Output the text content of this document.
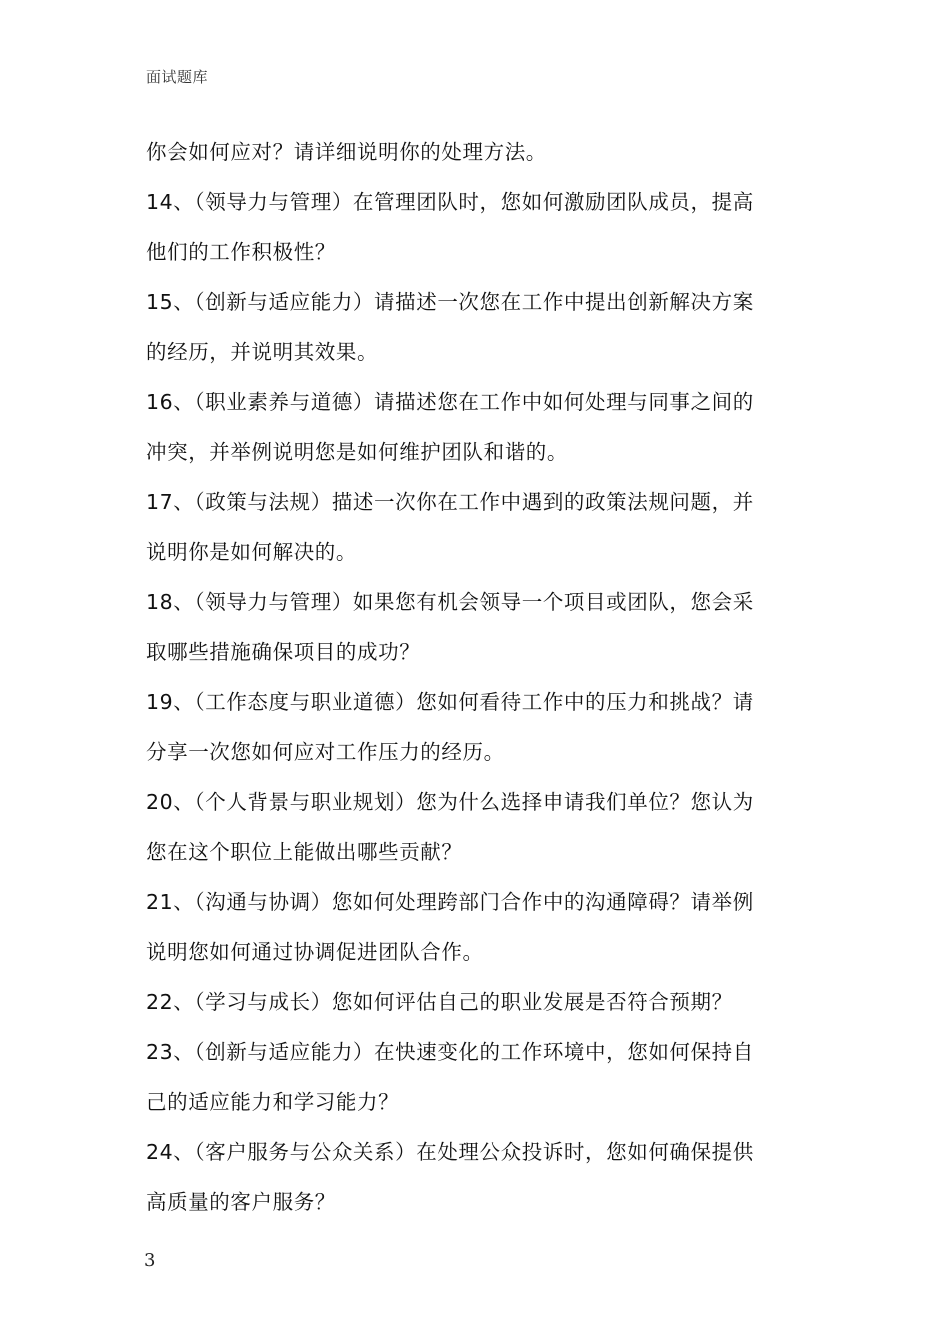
面试题库
你会如何应对？请详细说明你的处理方法。
14、（领导力与管理）在管理团队时，您如何激励团队成员，提高
他们的工作积极性？
15、（创新与适应能力）请描述一次您在工作中提出创新解决方案
的经历，并说明其效果。
16、（职业素养与道德）请描述您在工作中如何处理与同事之间的
冲突，并举例说明您是如何维护团队和谐的。
17、（政策与法规）描述一次你在工作中遇到的政策法规问题，并
说明你是如何解决的。
18、（领导力与管理）如果您有机会领导一个项目或团队，您会采
取哪些措施确保项目的成功？
19、（工作态度与职业道德）您如何看待工作中的压力和挑战？请
分享一次您如何应对工作压力的经历。
20、（个人背景与职业规划）您为什么选择申请我们单位？您认为
您在这个职位上能做出哪些贡献？
21、（沟通与协调）您如何处理跨部门合作中的沟通障碍？请举例
说明您如何通过协调促进团队合作。
22、（学习与成长）您如何评估自己的职业发展是否符合预期？
23、（创新与适应能力）在快速变化的工作环境中，您如何保持自
己的适应能力和学习能力？
24、（客户服务与公众关系）在处理公众投诉时，您如何确保提供
高质量的客户服务？
3
